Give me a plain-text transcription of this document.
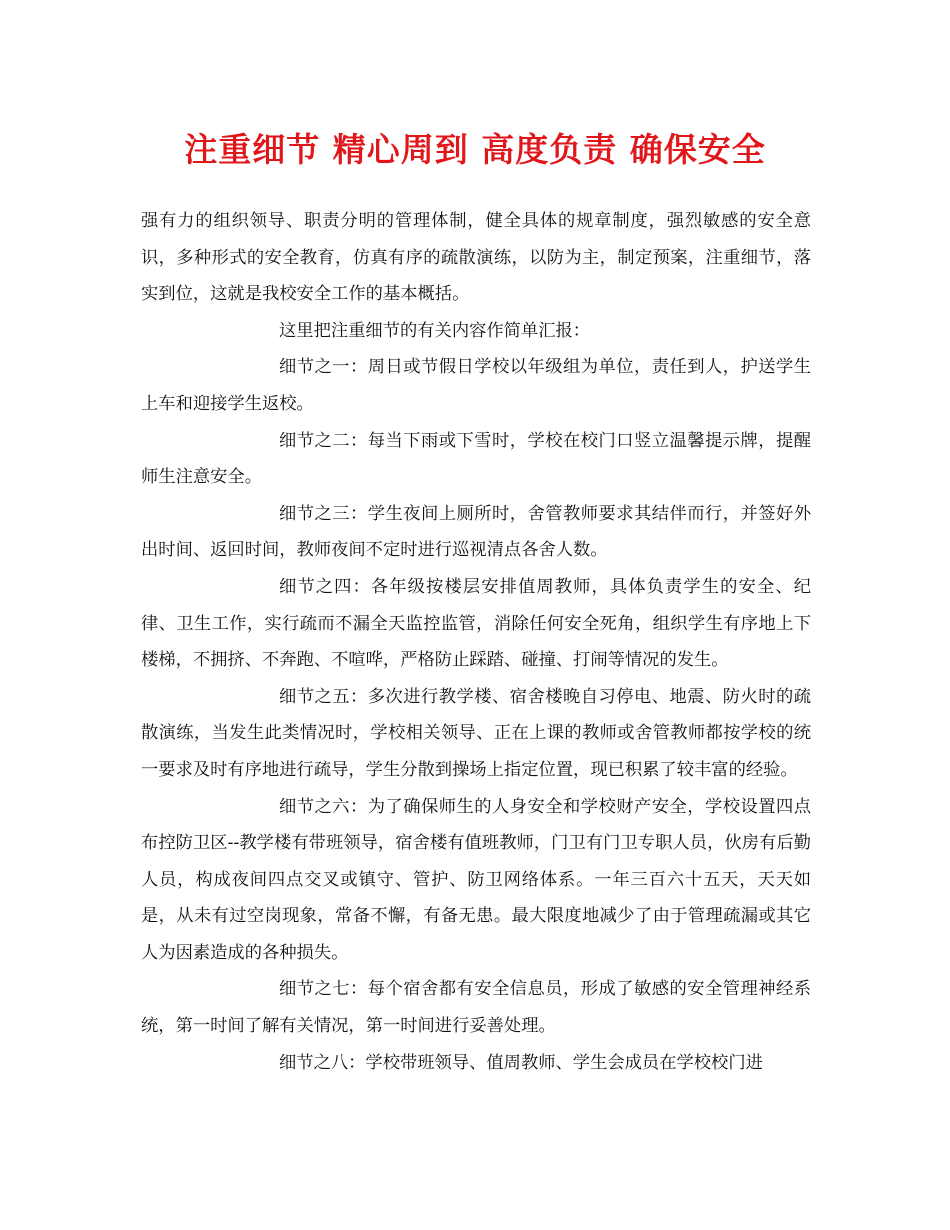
注重细节 精心周到 高度负责 确保安全

强有力的组织领导、职责分明的管理体制，健全具体的规章制度，强烈敏感的安全意识，多种形式的安全教育，仿真有序的疏散演练，以防为主，制定预案，注重细节，落实到位，这就是我校安全工作的基本概括。

这里把注重细节的有关内容作简单汇报：

细节之一：周日或节假日学校以年级组为单位，责任到人，护送学生上车和迎接学生返校。

细节之二：每当下雨或下雪时，学校在校门口竖立温馨提示牌，提醒师生注意安全。

细节之三：学生夜间上厕所时，舍管教师要求其结伴而行，并签好外出时间、返回时间，教师夜间不定时进行巡视清点各舍人数。

细节之四：各年级按楼层安排值周教师，具体负责学生的安全、纪律、卫生工作，实行疏而不漏全天监控监管，消除任何安全死角，组织学生有序地上下楼梯，不拥挤、不奔跑、不喧哗，严格防止踩踏、碰撞、打闹等情况的发生。

细节之五：多次进行教学楼、宿舍楼晚自习停电、地震、防火时的疏散演练，当发生此类情况时，学校相关领导、正在上课的教师或舍管教师都按学校的统一要求及时有序地进行疏导，学生分散到操场上指定位置，现已积累了较丰富的经验。

细节之六：为了确保师生的人身安全和学校财产安全，学校设置四点布控防卫区--教学楼有带班领导，宿舍楼有值班教师，门卫有门卫专职人员，伙房有后勤人员，构成夜间四点交叉或镇守、管护、防卫网络体系。一年三百六十五天，天天如是，从未有过空岗现象，常备不懈，有备无患。最大限度地减少了由于管理疏漏或其它人为因素造成的各种损失。

细节之七：每个宿舍都有安全信息员，形成了敏感的安全管理神经系统，第一时间了解有关情况，第一时间进行妥善处理。

细节之八：学校带班领导、值周教师、学生会成员在学校校门进
